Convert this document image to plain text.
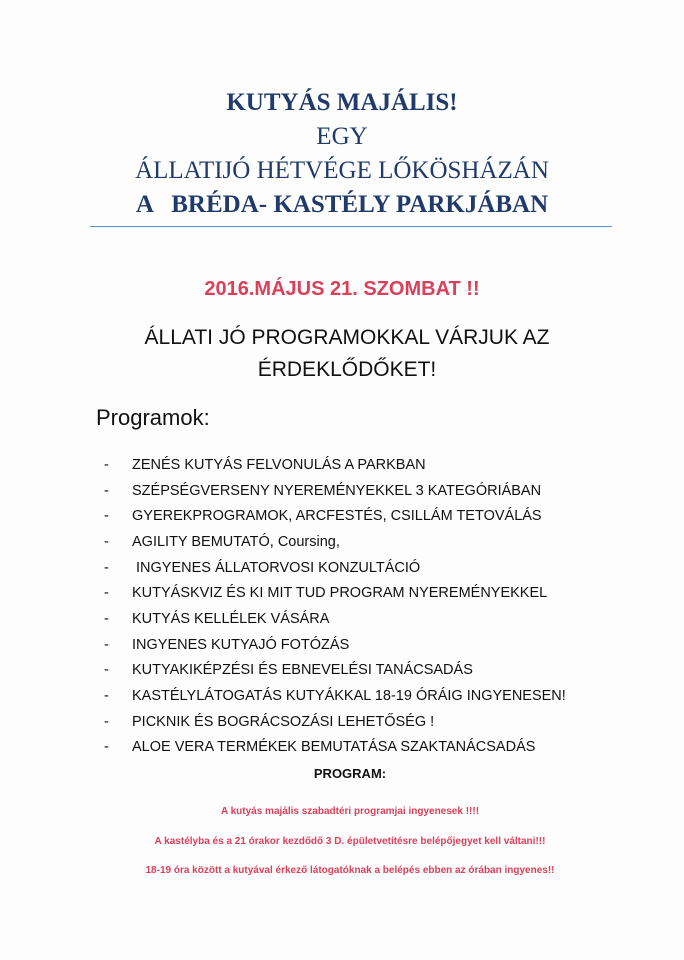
KUTYÁS MAJÁLIS!
EGY
ÁLLATIJÓ HÉTVÉGE LŐKÖSHÁZÁN
A   BRÉDA- KASTÉLY PARKJÁBAN
2016.MÁJUS 21. SZOMBAT !!
ÁLLATI JÓ PROGRAMOKKAL VÁRJUK AZ
ÉRDEKLŐDŐKET!
Programok:
-	ZENÉS KUTYÁS FELVONULÁS A PARKBAN
-	SZÉPSÉGVERSENY NYEREMÉNYEKKEL 3 KATEGÓRIÁBAN
-	GYEREKPROGRAMOK, ARCFESTÉS, CSILLÁM TETOVÁLÁS
-	AGILITY BEMUTATÓ, Coursing,
-	INGYENES ÁLLATORVOSI KONZULTÁCIÓ
-	KUTYÁSKVIZ ÉS KI MIT TUD PROGRAM NYEREMÉNYEKKEL
-	KUTYÁS KELLÉLEK VÁSÁRA
-	INGYENES KUTYAJÓ FOTÓZÁS
-	KUTYAKIKÉPZÉSI ÉS EBNEVELÉSI TANÁCSADÁS
-	KASTÉLYLÁTOGATÁS KUTYÁKKAL 18-19 ÓRÁIG INGYENESEN!
-	PICKNIK ÉS BOGRÁCSOZÁSI LEHETŐSÉG !
-	ALOE VERA TERMÉKEK BEMUTATÁSA SZAKTANÁCSADÁS
PROGRAM:
A kutyás majális szabadtéri programjai ingyenesek !!!!
A kastélyba és a 21 órakor kezdődő 3 D. épületvetítésre belépőjegyet kell váltani!!!
18-19 óra között a kutyával érkező látogatóknak a belépés ebben az órában ingyenes!!
